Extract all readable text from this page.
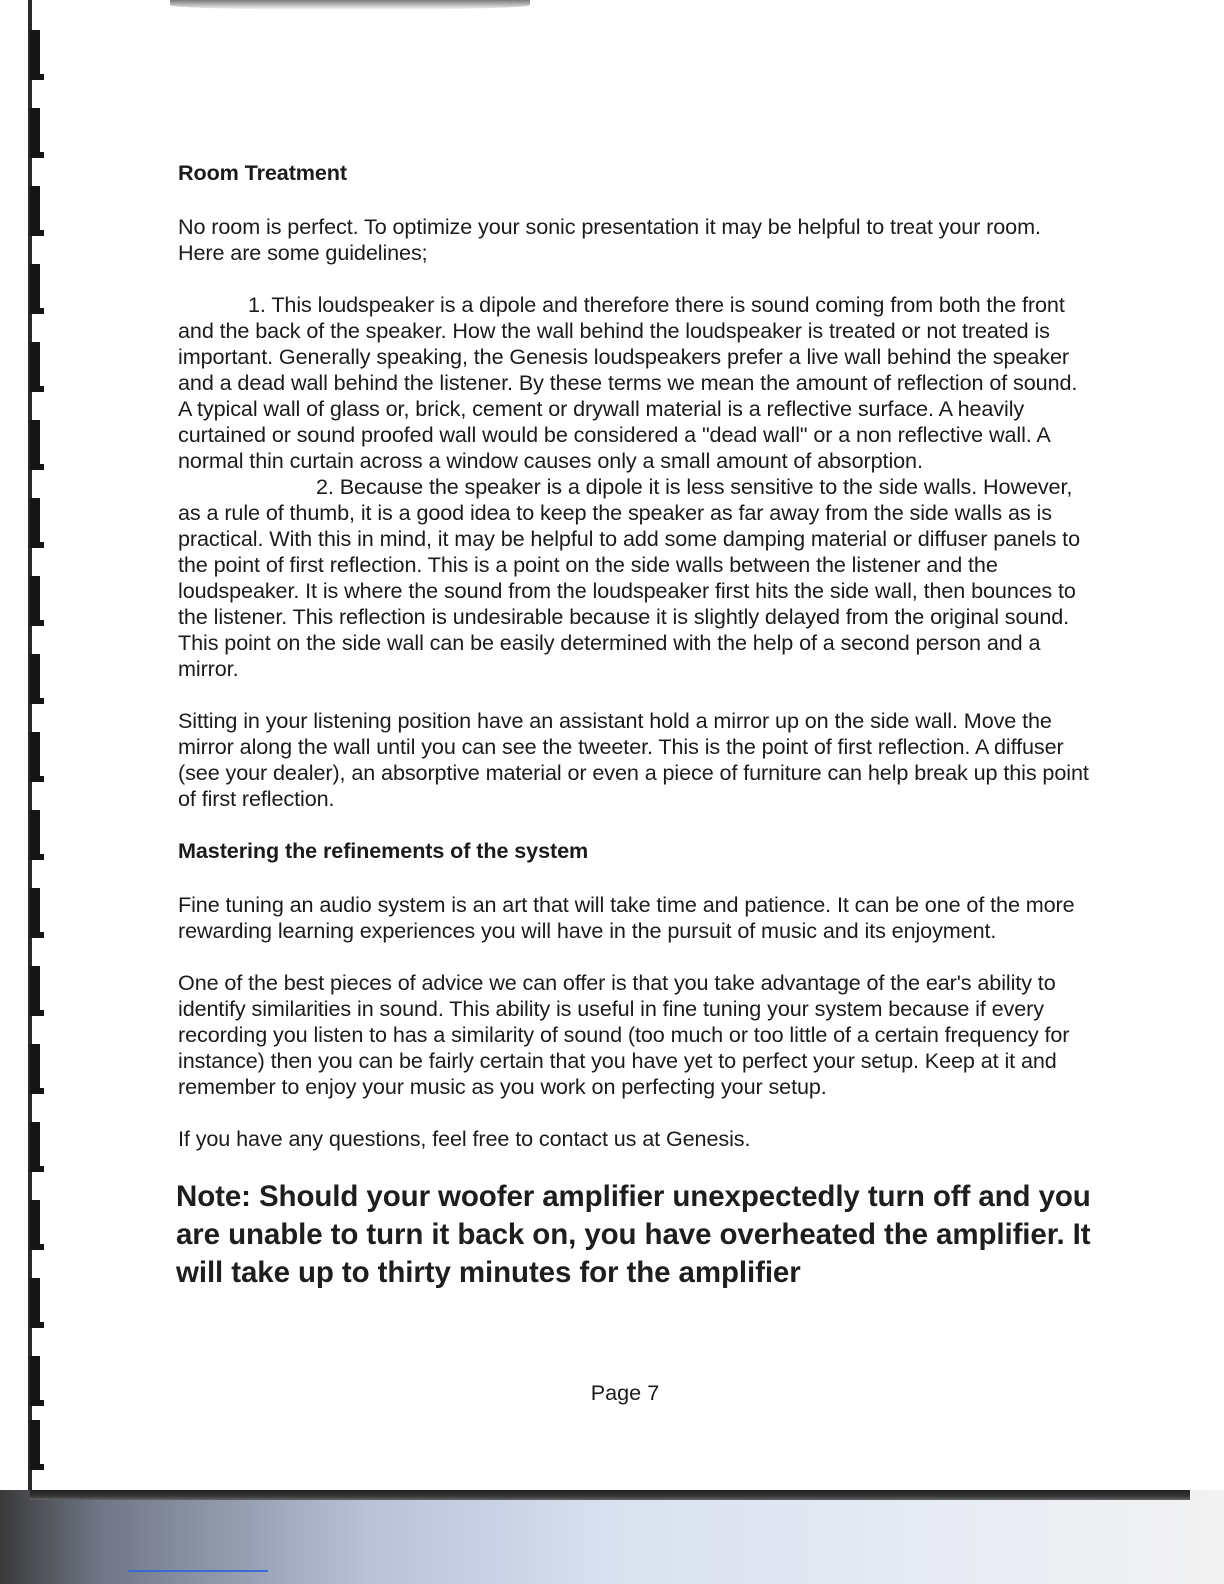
Room Treatment
No room is perfect. To optimize your sonic presentation it may be helpful to treat your room. Here are some guidelines;
1. This loudspeaker is a dipole and therefore there is sound coming from both the front and the back of the speaker. How the wall behind the loudspeaker is treated or not treated is important. Generally speaking, the Genesis loudspeakers prefer a live wall behind the speaker and a dead wall behind the listener. By these terms we mean the amount of reflection of sound. A typical wall of glass or, brick, cement or drywall material is a reflective surface. A heavily curtained or sound proofed wall would be considered a "dead wall" or a non reflective wall. A normal thin curtain across a window causes only a small amount of absorption.
2. Because the speaker is a dipole it is less sensitive to the side walls. However, as a rule of thumb, it is a good idea to keep the speaker as far away from the side walls as is practical. With this in mind, it may be helpful to add some damping material or diffuser panels to the point of first reflection. This is a point on the side walls between the listener and the loudspeaker. It is where the sound from the loudspeaker first hits the side wall, then bounces to the listener. This reflection is undesirable because it is slightly delayed from the original sound. This point on the side wall can be easily determined with the help of a second person and a mirror.
Sitting in your listening position have an assistant hold a mirror up on the side wall. Move the mirror along the wall until you can see the tweeter. This is the point of first reflection. A diffuser (see your dealer), an absorptive material or even a piece of furniture can help break up this point of first reflection.
Mastering the refinements of the system
Fine tuning an audio system is an art that will take time and patience. It can be one of the more rewarding learning experiences you will have in the pursuit of music and its enjoyment.
One of the best pieces of advice we can offer is that you take advantage of the ear's ability to identify similarities in sound. This ability is useful in fine tuning your system because if every recording you listen to has a similarity of sound (too much or too little of a certain frequency for instance) then you can be fairly certain that you have yet to perfect your setup. Keep at it and remember to enjoy your music as you work on perfecting your setup.
If you have any questions, feel free to contact us at Genesis.
Note: Should your woofer amplifier unexpectedly turn off and you are unable to turn it back on, you have overheated the amplifier. It will take up to thirty minutes for the amplifier
Page 7
